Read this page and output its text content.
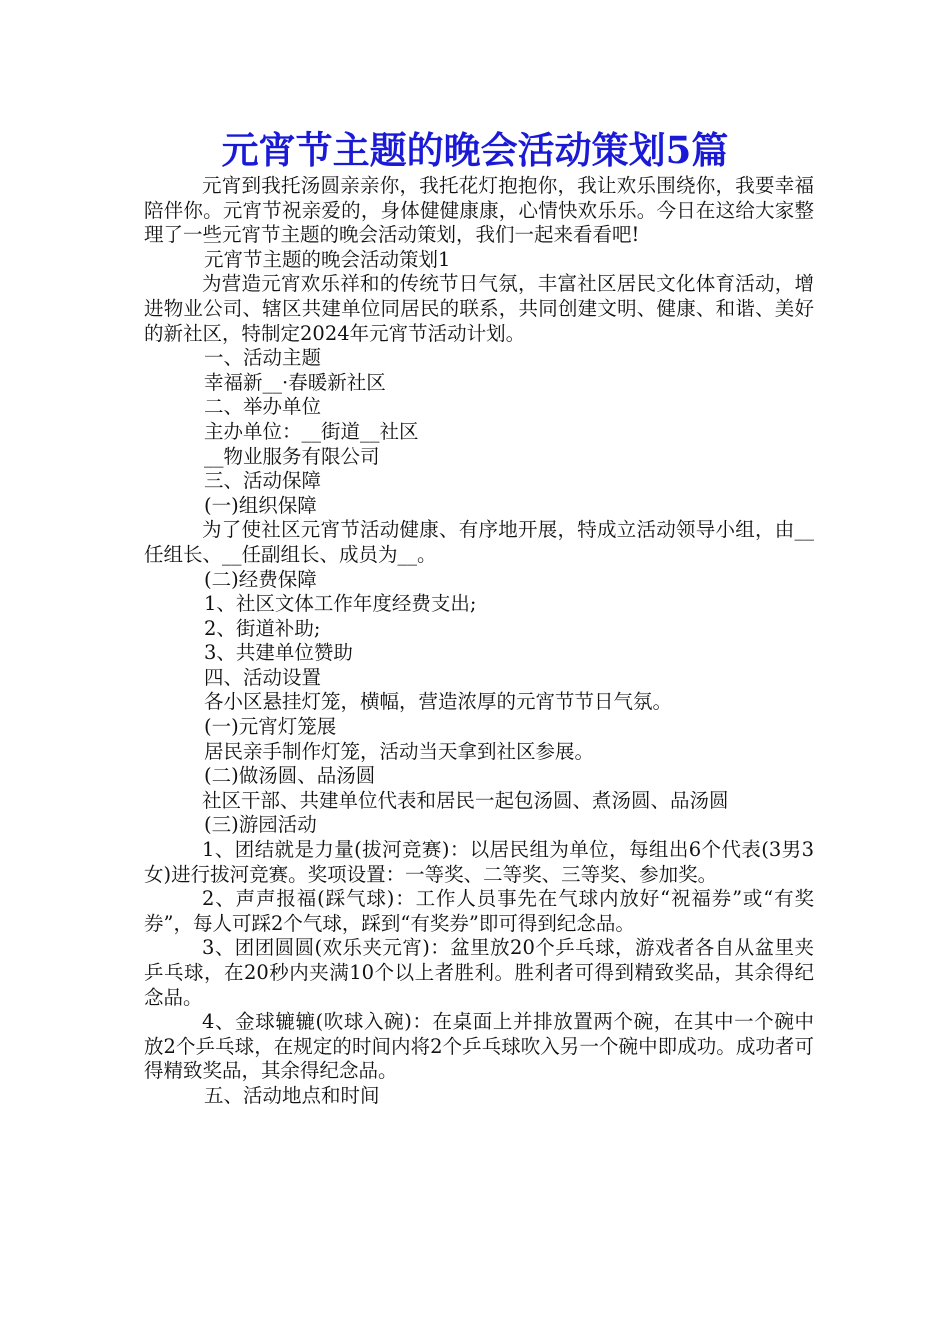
元宵节主题的晚会活动策划5篇

元宵到我托汤圆亲亲你，我托花灯抱抱你，我让欢乐围绕你，我要幸福陪伴你。元宵节祝亲爱的，身体健健康康，心情快欢乐乐。今日在这给大家整理了一些元宵节主题的晚会活动策划，我们一起来看看吧!

元宵节主题的晚会活动策划1

为营造元宵欢乐祥和的传统节日气氛，丰富社区居民文化体育活动，增进物业公司、辖区共建单位同居民的联系，共同创建文明、健康、和谐、美好的新社区，特制定2024年元宵节活动计划。

一、活动主题

幸福新__·春暖新社区

二、举办单位

主办单位：__街道__社区

__物业服务有限公司

三、活动保障

(一)组织保障

为了使社区元宵节活动健康、有序地开展，特成立活动领导小组，由__任组长、__任副组长、成员为__。

(二)经费保障

1、社区文体工作年度经费支出;

2、街道补助;

3、共建单位赞助

四、活动设置

各小区悬挂灯笼，横幅，营造浓厚的元宵节节日气氛。

(一)元宵灯笼展

居民亲手制作灯笼，活动当天拿到社区参展。

(二)做汤圆、品汤圆

社区干部、共建单位代表和居民一起包汤圆、煮汤圆、品汤圆

(三)游园活动

1、团结就是力量(拔河竞赛)：以居民组为单位，每组出6个代表(3男3女)进行拔河竞赛。奖项设置：一等奖、二等奖、三等奖、参加奖。

2、声声报福(踩气球)：工作人员事先在气球内放好“祝福券”或“有奖券”，每人可踩2个气球，踩到“有奖券”即可得到纪念品。

3、团团圆圆(欢乐夹元宵)：盆里放20个乒乓球，游戏者各自从盆里夹乒乓球，在20秒内夹满10个以上者胜利。胜利者可得到精致奖品，其余得纪念品。

4、金球辘辘(吹球入碗)：在桌面上并排放置两个碗，在其中一个碗中放2个乒乓球，在规定的时间内将2个乒乓球吹入另一个碗中即成功。成功者可得精致奖品，其余得纪念品。

五、活动地点和时间
